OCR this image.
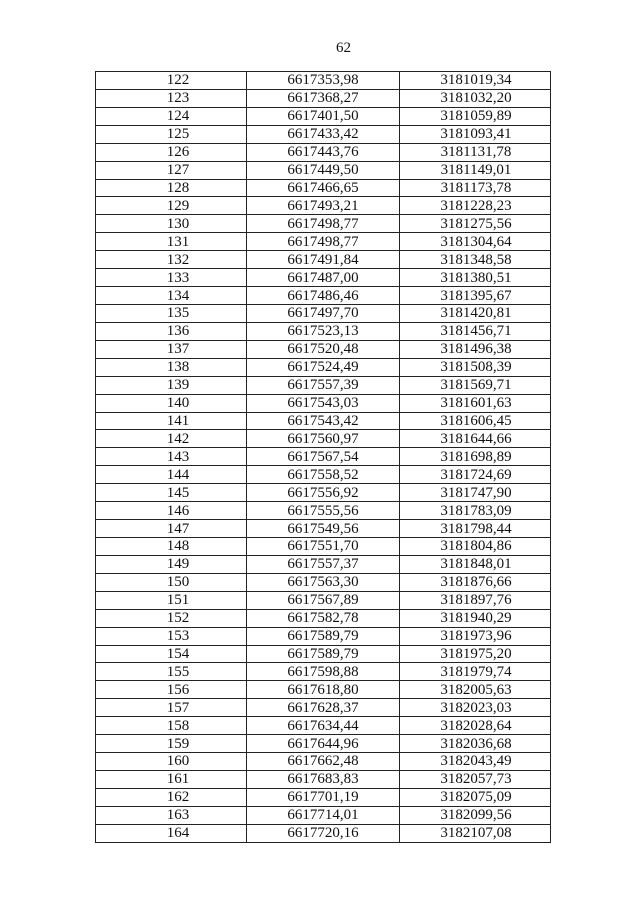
62
122	6617353,98	3181019,34
123	6617368,27	3181032,20
124	6617401,50	3181059,89
125	6617433,42	3181093,41
126	6617443,76	3181131,78
127	6617449,50	3181149,01
128	6617466,65	3181173,78
129	6617493,21	3181228,23
130	6617498,77	3181275,56
131	6617498,77	3181304,64
132	6617491,84	3181348,58
133	6617487,00	3181380,51
134	6617486,46	3181395,67
135	6617497,70	3181420,81
136	6617523,13	3181456,71
137	6617520,48	3181496,38
138	6617524,49	3181508,39
139	6617557,39	3181569,71
140	6617543,03	3181601,63
141	6617543,42	3181606,45
142	6617560,97	3181644,66
143	6617567,54	3181698,89
144	6617558,52	3181724,69
145	6617556,92	3181747,90
146	6617555,56	3181783,09
147	6617549,56	3181798,44
148	6617551,70	3181804,86
149	6617557,37	3181848,01
150	6617563,30	3181876,66
151	6617567,89	3181897,76
152	6617582,78	3181940,29
153	6617589,79	3181973,96
154	6617589,79	3181975,20
155	6617598,88	3181979,74
156	6617618,80	3182005,63
157	6617628,37	3182023,03
158	6617634,44	3182028,64
159	6617644,96	3182036,68
160	6617662,48	3182043,49
161	6617683,83	3182057,73
162	6617701,19	3182075,09
163	6617714,01	3182099,56
164	6617720,16	3182107,08
